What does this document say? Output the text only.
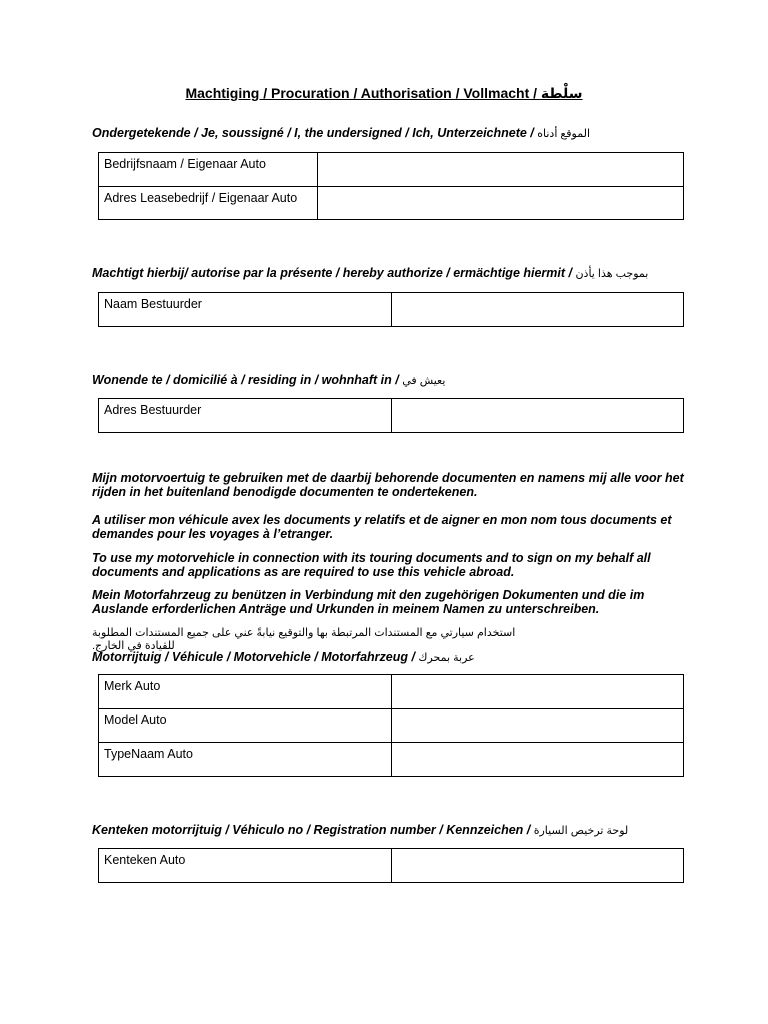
Machtiging / Procuration / Authorisation / Vollmacht / سلْطة
Ondergetekende / Je, soussigné / I, the undersigned / Ich, Unterzeichnete / الموقع أدناه
Bedrijfsnaam / Eigenaar Auto	
Adres Leasebedrijf / Eigenaar Auto	
Machtigt hierbij/ autorise par la présente / hereby authorize / ermächtige hiermit / بموجب هذا يأذن
Naam Bestuurder	
Wonende te / domicilié à / residing in / wohnhaft in / يعيش في
Adres Bestuurder	
Mijn motorvoertuig te gebruiken met de daarbij behorende documenten en namens mij alle voor het rijden in het buitenland benodigde documenten te ondertekenen.
A utiliser mon véhicule avex les documents y relatifs et de aigner en mon nom tous documents et demandes pour les voyages à l’etranger.
To use my motorvehicle in connection with its touring documents and to sign on my behalf all documents and applications as are required to use this vehicle abroad.
Mein Motorfahrzeug zu benützen in Verbindung mit den zugehörigen Dokumenten und die im Auslande erforderlichen Anträge und Urkunden in meinem Namen zu unterschreiben.
استخدام سيارتي مع المستندات المرتبطة بها والتوقيع نيابةً عني على جميع المستندات المطلوبة للقيادة في الخارج.
Motorrijtuig / Véhicule / Motorvehicle / Motorfahrzeug / عربة بمحرك
Merk Auto	
Model Auto	
TypeNaam Auto	
Kenteken motorrijtuig / Véhiculo no / Registration number / Kennzeichen / لوحة ترخيص السيارة
Kenteken Auto	
